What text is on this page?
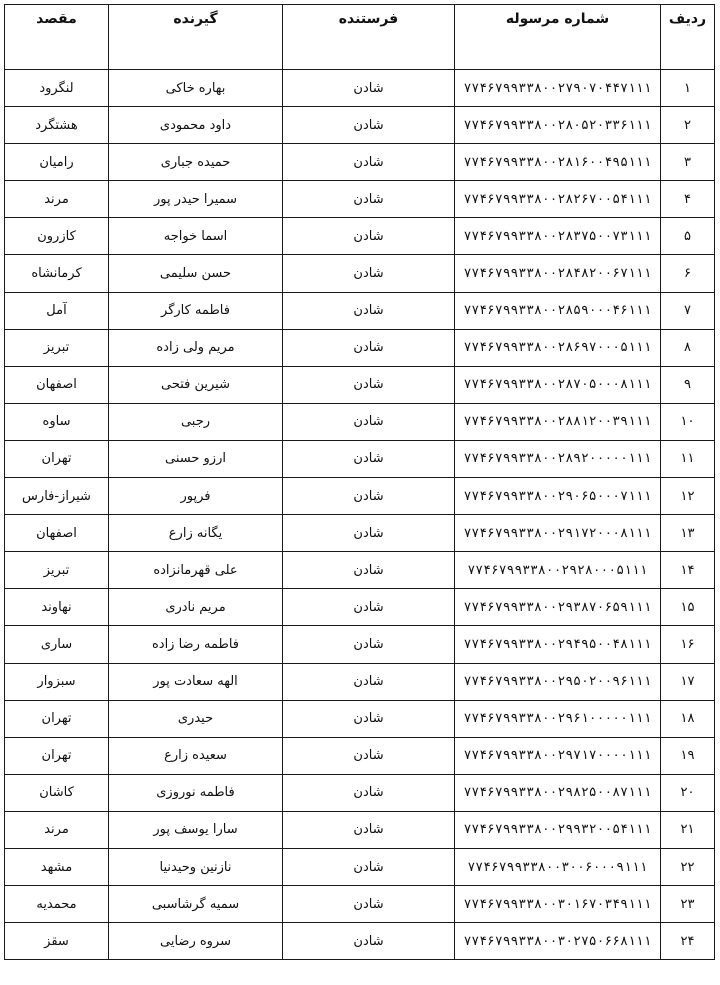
ردیف	شماره مرسوله	فرستنده	گیرنده	مقصد
۱	۷۷۴۶۷۹۹۳۳۸۰۰۲۷۹۰۷۰۴۴۷۱۱۱	شادن	بهاره خاکی	لنگرود
۲	۷۷۴۶۷۹۹۳۳۸۰۰۲۸۰۵۲۰۳۳۶۱۱۱	شادن	داود محمودی	هشتگرد
۳	۷۷۴۶۷۹۹۳۳۸۰۰۲۸۱۶۰۰۴۹۵۱۱۱	شادن	حمیده جباری	رامیان
۴	۷۷۴۶۷۹۹۳۳۸۰۰۲۸۲۶۷۰۰۵۴۱۱۱	شادن	سمیرا حیدر پور	مرند
۵	۷۷۴۶۷۹۹۳۳۸۰۰۲۸۳۷۵۰۰۷۳۱۱۱	شادن	اسما خواجه	کازرون
۶	۷۷۴۶۷۹۹۳۳۸۰۰۲۸۴۸۲۰۰۶۷۱۱۱	شادن	حسن سلیمی	کرمانشاه
۷	۷۷۴۶۷۹۹۳۳۸۰۰۲۸۵۹۰۰۰۴۶۱۱۱	شادن	فاطمه کارگر	آمل
۸	۷۷۴۶۷۹۹۳۳۸۰۰۲۸۶۹۷۰۰۰۵۱۱۱	شادن	مریم ولی زاده	تبریز
۹	۷۷۴۶۷۹۹۳۳۸۰۰۲۸۷۰۵۰۰۰۸۱۱۱	شادن	شیرین فتحی	اصفهان
۱۰	۷۷۴۶۷۹۹۳۳۸۰۰۲۸۸۱۲۰۰۳۹۱۱۱	شادن	رجبی	ساوه
۱۱	۷۷۴۶۷۹۹۳۳۸۰۰۲۸۹۲۰۰۰۰۰۱۱۱	شادن	ارزو حسنی	تهران
۱۲	۷۷۴۶۷۹۹۳۳۸۰۰۲۹۰۶۵۰۰۰۷۱۱۱	شادن	فرپور	شیراز-فارس
۱۳	۷۷۴۶۷۹۹۳۳۸۰۰۲۹۱۷۲۰۰۰۸۱۱۱	شادن	یگانه زارع	اصفهان
۱۴	۷۷۴۶۷۹۹۳۳۸۰۰۲۹۲۸۰۰۰۵۱۱۱	شادن	علی قهرمانزاده	تبریز
۱۵	۷۷۴۶۷۹۹۳۳۸۰۰۲۹۳۸۷۰۶۵۹۱۱۱	شادن	مریم نادری	نهاوند
۱۶	۷۷۴۶۷۹۹۳۳۸۰۰۲۹۴۹۵۰۰۴۸۱۱۱	شادن	فاطمه رضا زاده	ساری
۱۷	۷۷۴۶۷۹۹۳۳۸۰۰۲۹۵۰۲۰۰۹۶۱۱۱	شادن	الهه سعادت پور	سبزوار
۱۸	۷۷۴۶۷۹۹۳۳۸۰۰۲۹۶۱۰۰۰۰۰۱۱۱	شادن	حیدری	تهران
۱۹	۷۷۴۶۷۹۹۳۳۸۰۰۲۹۷۱۷۰۰۰۰۱۱۱	شادن	سعیده زارع	تهران
۲۰	۷۷۴۶۷۹۹۳۳۸۰۰۲۹۸۲۵۰۰۸۷۱۱۱	شادن	فاطمه نوروزی	کاشان
۲۱	۷۷۴۶۷۹۹۳۳۸۰۰۲۹۹۳۲۰۰۵۴۱۱۱	شادن	سارا یوسف پور	مرند
۲۲	۷۷۴۶۷۹۹۳۳۸۰۰۳۰۰۶۰۰۰۹۱۱۱	شادن	نازنین وحیدنیا	مشهد
۲۳	۷۷۴۶۷۹۹۳۳۸۰۰۳۰۱۶۷۰۳۴۹۱۱۱	شادن	سمیه گرشاسبی	محمدیه
۲۴	۷۷۴۶۷۹۹۳۳۸۰۰۳۰۲۷۵۰۶۶۸۱۱۱	شادن	سروه رضایی	سقز
